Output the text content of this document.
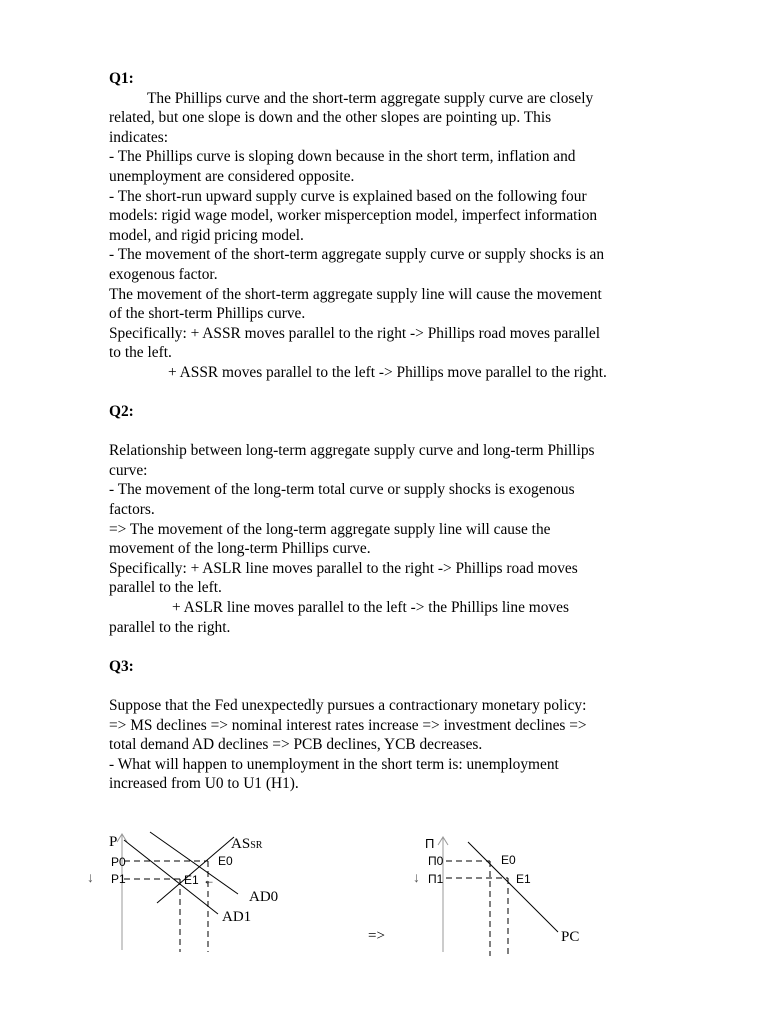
Q1:
The Phillips curve and the short-term aggregate supply curve are closely
related, but one slope is down and the other slopes are pointing up. This
indicates:
- The Phillips curve is sloping down because in the short term, inflation and
unemployment are considered opposite.
- The short-run upward supply curve is explained based on the following four
models: rigid wage model, worker misperception model, imperfect information
model, and rigid pricing model.
- The movement of the short-term aggregate supply curve or supply shocks is an
exogenous factor.
The movement of the short-term aggregate supply line will cause the movement
of the short-term Phillips curve.
Specifically: + ASSR moves parallel to the right -> Phillips road moves parallel
to the left.
+ ASSR moves parallel to the left -> Phillips move parallel to the right.
Q2:
Relationship between long-term aggregate supply curve and long-term Phillips
curve:
- The movement of the long-term total curve or supply shocks is exogenous
factors.
=> The movement of the long-term aggregate supply line will cause the
movement of the long-term Phillips curve.
Specifically: + ASLR line moves parallel to the right -> Phillips road moves
parallel to the left.
+ ASLR line moves parallel to the left -> the Phillips line moves
parallel to the right.
Q3:
Suppose that the Fed unexpectedly pursues a contractionary monetary policy:
=> MS declines => nominal interest rates increase => investment declines =>
total demand AD declines => PCB declines, YCB decreases.
- What will happen to unemployment in the short term is: unemployment
increased from U0 to U1 (H1).
P
↓
P0
P1
ASSR
E0
E1 ←
AD0
AD1
=>
Π
↓
Π0
Π1
E0
E1
PC
